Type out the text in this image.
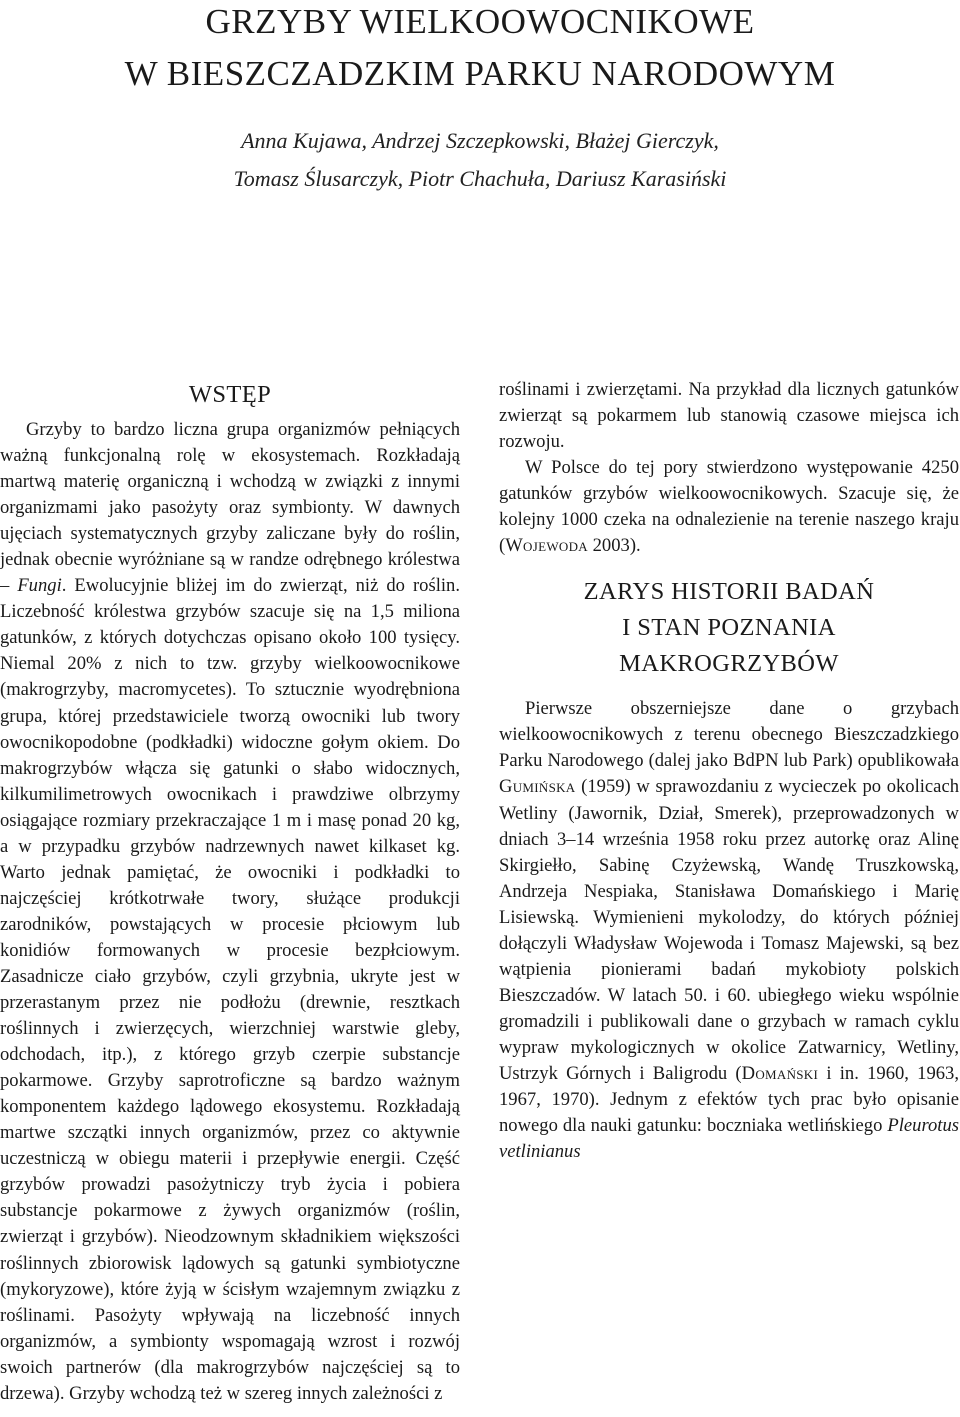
GRZYBY WIELKOOWOCNIKOWE
W BIESZCZADZKIM PARKU NARODOWYM
Anna Kujawa, Andrzej Szczepkowski, Błażej Gierczyk,
Tomasz Ślusarczyk, Piotr Chachuła, Dariusz Karasiński
WSTĘP

Grzyby to bardzo liczna grupa organizmów pełniących ważną funkcjonalną rolę w ekosystemach. Rozkładają martwą materię organiczną i wchodzą w związki z innymi organizmami jako pasożyty oraz symbionty. W dawnych ujęciach systematycznych grzyby zaliczane były do roślin, jednak obecnie wyróżniane są w randze odrębnego królestwa – Fungi. Ewolucyjnie bliżej im do zwierząt, niż do roślin. Liczebność królestwa grzybów szacuje się na 1,5 miliona gatunków, z których dotychczas opisano około 100 tysięcy. Niemal 20% z nich to tzw. grzyby wielkoowocnikowe (makrogrzyby, macromycetes). To sztucznie wyodrębniona grupa, której przedstawiciele tworzą owocniki lub twory owocnikopodobne (podkładki) widoczne gołym okiem. Do makrogrzybów włącza się gatunki o słabo widocznych, kilkumilimetrowych owocnikach i prawdziwe olbrzymy osiągające rozmiary przekraczające 1 m i masę ponad 20 kg, a w przypadku grzybów nadrzewnych nawet kilkaset kg. Warto jednak pamiętać, że owocniki i podkładki to najczęściej krótkotrwałe twory, służące produkcji zarodników, powstających w procesie płciowym lub konidiów formowanych w procesie bezpłciowym. Zasadnicze ciało grzybów, czyli grzybnia, ukryte jest w przerastanym przez nie podłożu (drewnie, resztkach roślinnych i zwierzęcych, wierzchniej warstwie gleby, odchodach, itp.), z którego grzyb czerpie substancje pokarmowe. Grzyby saprotroficzne są bardzo ważnym komponentem każdego lądowego ekosystemu. Rozkładają martwe szczątki innych organizmów, przez co aktywnie uczestniczą w obiegu materii i przepływie energii. Część grzybów prowadzi pasożytniczy tryb życia i pobiera substancje pokarmowe z żywych organizmów (roślin, zwierząt i grzybów). Nieodzownym składnikiem większości roślinnych zbiorowisk lądowych są gatunki symbiotyczne (mykoryzowe), które żyją w ścisłym wzajemnym związku z roślinami. Pasożyty wpływają na liczebność innych organizmów, a symbionty wspomagają wzrost i rozwój swoich partnerów (dla makrogrzybów najczęściej są to drzewa). Grzyby wchodzą też w szereg innych zależności z

roślinami i zwierzętami. Na przykład dla licznych gatunków zwierząt są pokarmem lub stanowią czasowe miejsca ich rozwoju.

W Polsce do tej pory stwierdzono występowanie 4250 gatunków grzybów wielkoowocnikowych. Szacuje się, że kolejny 1000 czeka na odnalezienie na terenie naszego kraju (Wojewoda 2003).

ZARYS HISTORII BADAŃ
I STAN POZNANIA
MAKROGRZYBÓW

Pierwsze obszerniejsze dane o grzybach wielkoowocnikowych z terenu obecnego Bieszczadzkiego Parku Narodowego (dalej jako BdPN lub Park) opublikowała Gumińska (1959) w sprawozdaniu z wycieczek po okolicach Wetliny (Jawornik, Dział, Smerek), przeprowadzonych w dniach 3–14 września 1958 roku przez autorkę oraz Alinę Skirgiełło, Sabinę Czyżewską, Wandę Truszkowską, Andrzeja Nespiaka, Stanisława Domańskiego i Marię Lisiewską. Wymienieni mykolodzy, do których później dołączyli Władysław Wojewoda i Tomasz Majewski, są bez wątpienia pionierami badań mykobioty polskich Bieszczadów. W latach 50. i 60. ubiegłego wieku wspólnie gromadzili i publikowali dane o grzybach w ramach cyklu wypraw mykologicznych w okolice Zatwarnicy, Wetliny, Ustrzyk Górnych i Baligrodu (Domański i in. 1960, 1963, 1967, 1970). Jednym z efektów tych prac było opisanie nowego dla nauki gatunku: boczniaka wetlińskiego Pleurotus vetlinianus
